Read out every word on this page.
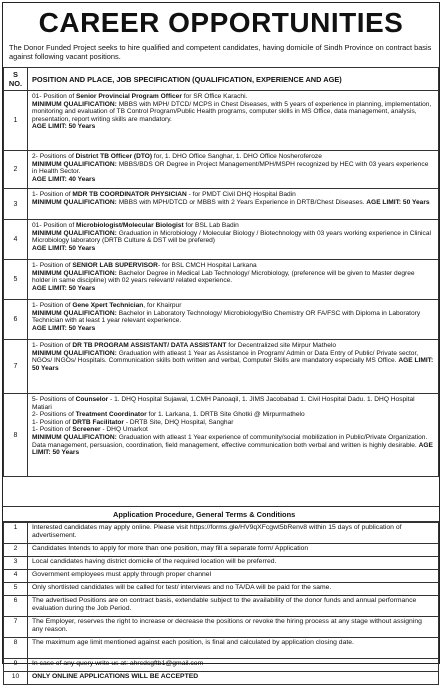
CAREER OPPORTUNITIES
The Donor Funded Project seeks to hire qualified and competent candidates, having domicile of Sindh Province on contract basis against following vacant positions.
S NO.	POSITION AND PLACE, JOB SPECIFICATION (QUALIFICATION, EXPERIENCE AND AGE)
1	01- Position of Senior Provincial Program Officer for SR Office Karachi.
MINIMUM QUALIFICATION: MBBS with MPH/ DTCD/ MCPS in Chest Diseases, with 5 years of experience in planning, implementation, monitoring and evaluation of TB Control Program/Public Health programs, computer skills in MS Office, data management, analysis, presentation, report writing skills are mandatory.
AGE LIMIT: 50 Years
2	2- Positions of District TB Officer (DTO) for, 1. DHO Office Sanghar, 1. DHO Office Nosheroferoze
MINIMUM QUALIFICATION: MBBS/BDS OR Degree in Project Management/MPH/MSPH recognized by HEC with 03 years experience in Health Sector.
AGE LIMIT: 40 Years
3	1- Position of MDR TB COORDINATOR PHYSICIAN - for PMDT Civil DHQ Hospital Badin
MINIMUM QUALIFICATION: MBBS with MPH/DTCD or MBBS with 2 Years Experience in DRTB/Chest Diseases. AGE LIMIT: 50 Years
4	01- Position of Microbiologist/Molecular Biologist for BSL Lab Badin
MINIMUM QUALIFICATION: Graduation in Microbiology / Molecular Biology / Biotechnology with 03 years working experience in Clinical Microbiology laboratory (DRTB Culture & DST will be prefered)
AGE LIMIT: 50 Years
5	1- Position of SENIOR LAB SUPERVISOR- for BSL CMCH Hospital Larkana
MINIMUM QUALIFICATION: Bachelor Degree in Medical Lab Technology/ Microbiology, (preference will be given to Master degree holder in same discipline) with 02 years relevant/ related experience.
AGE LIMIT: 50 Years
6	1- Position of Gene Xpert Technician, for Khairpur
MINIMUM QUALIFICATION: Bachelor in Laboratory Technology/ Microbiology/Bio Chemistry OR FA/FSC with Diploma in Laboratory Technician with at least 1 year relevant experience.
AGE LIMIT: 50 Years
7	1- Position of DR TB PROGRAM ASSISTANT/ DATA ASSISTANT for Decentralized site Mirpur Mathelo
MINIMUM QUALIFICATION: Graduation with atleast 1 Year as Assistance in Program/ Admin or Data Entry of Public/ Private sector, NGOs/ INGOs/ Hospitals. Communication skills both written and verbal, Computer Skills are mandatory especially MS Office. AGE LIMIT: 50 Years
8	5- Positions of Counselor - 1. DHQ Hospital Sujawal, 1.CMH Panoaqil, 1. JIMS Jacobabad 1. Civil Hospital Dadu. 1. DHQ Hospital Matiari
2- Positions of Treatment Coordinator for 1. Larkana, 1. DRTB Site Ghotki @ Mirpurmathelo
1- Position of DRTB Facilitator - DRTB Site, DHQ Hospital, Sanghar
1- Position of Screener - DHQ Umarkot
MINIMUM QUALIFICATION: Graduation with atleast 1 Year experience of community/social mobilization in Public/Private Organization. Data management, persuasion, coordination, field management, effective communication both verbal and written is highly desirable. AGE LIMIT: 50 Years
Application Procedure, General Terms & Conditions
1	Interested candidates may apply online. Please visit https://forms.gle/HV9qXFcgwt5bRenv8 within 15 days of publication of advertisement.
2	Candidates Intends to apply for more than one position, may fill a separate form/ Application
3	Local candidates having district domicile of the required location will be preferred.
4	Government employees must apply through proper channel
5	Only shortlisted candidates will be called for test/ interviews and no TA/DA will be paid for the same.
6	The advertised Positions are on contract basis, extendable subject to the availability of the donor funds and annual performance evaluation during the Job Period.
7	The Employer, reserves the right to increase or decrease the positions or revoke the hiring process at any stage without assigning any reason.
8	The maximum age limit mentioned against each position, is final and calculated by application closing date.
9	In case of any query write us at: ahrcdcgftb1@gmail.com
10	ONLY ONLINE APPLICATIONS WILL BE ACCEPTED
